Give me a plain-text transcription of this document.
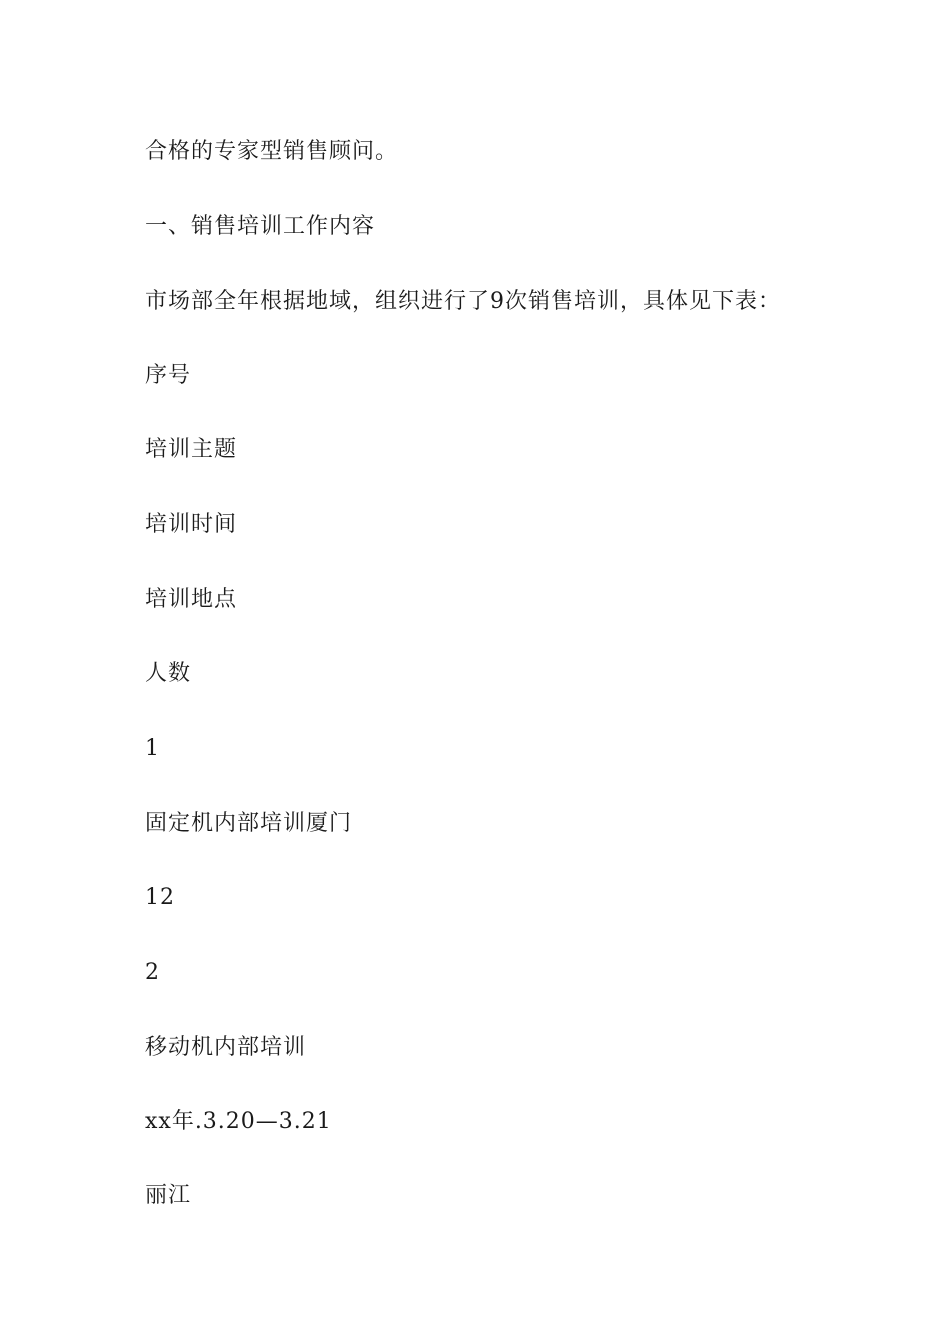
合格的专家型销售顾问。

一、销售培训工作内容

市场部全年根据地域，组织进行了9次销售培训，具体见下表：

序号

培训主题

培训时间

培训地点

人数

1

固定机内部培训厦门

12

2

移动机内部培训

xx年.3.20—3.21

丽江
